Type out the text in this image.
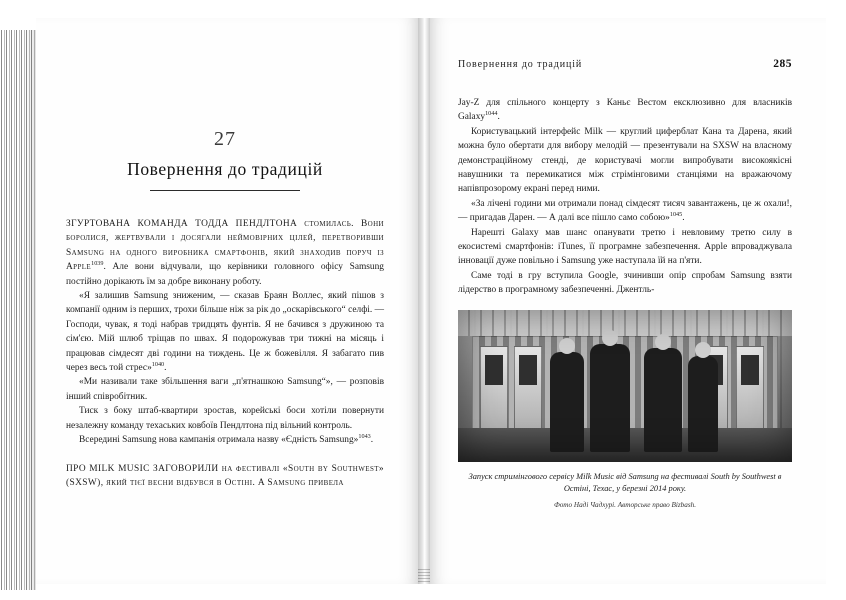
27
Повернення до традицій

ЗГУРТОВАНА КОМАНДА ТОДДА ПЕНДЛТОНА стомилась. Вони боролися, жертвували і досягали неймовірних цілей, перетворивши Samsung на одного виробника смартфонів, який знаходив поруч із Apple$^{1039}$. Але вони відчували, що керівники головного офісу Samsung постійно дорікають їм за добре виконану роботу.

«Я залишив Samsung зниженим, — сказав Браян Воллес, який пішов з компанії одним із перших, трохи більше ніж за рік до „оскарівського“ селфі. — Господи, чувак, я тоді набрав тридцять фунтів. Я не бачився з дружиною та сім'єю. Мій шлюб тріщав по швах. Я подорожував три тижні на місяць і працював сімдесят дві години на тиждень. Це ж божевілля. Я забагато пив через весь той стрес»$^{1040}$.

«Ми називали таке збільшення ваги „п'ятнашкою Samsung“», — розповів інший співробітник.

Тиск з боку штаб-квартири зростав, корейські боси хотіли повернути незалежну команду техаських ковбоїв Пендлтона під вільний контроль.

Всередині Samsung нова кампанія отримала назву «Єдність Samsung»$^{1043}$.

ПРО MILK MUSIC ЗАГОВОРИЛИ на фестивалі «South by Southwest» (SXSW), який тієї весни відбувся в Остіні. A Samsung привела

Повернення до традицій	285

Jay-Z для спільного концерту з Каньє Вестом ексклюзивно для власників Galaxy$^{1044}$.

Користувацький інтерфейс Milk — круглий циферблат Кана та Дарена, який можна було обертати для вибору мелодій — презентували на SXSW на власному демонстраційному стенді, де користувачі могли випробувати високоякісні навушники та перемикатися між стрімінговими станціями на вражаючому напівпрозорому екрані перед ними.

«За лічені години ми отримали понад сімдесят тисяч завантажень, це ж охали!, — пригадав Дарен. — А далі все пішло само собою»$^{1045}$.

Нарешті Galaxy мав шанс опанувати третю і невловиму третю силу в екосистемі смартфонів: iTunes, її програмне забезпечення. Apple впроваджувала інновації дуже повільно і Samsung уже наступала їй на п'яти.

Саме тоді в гру вступила Google, зчинивши опір спробам Samsung взяти лідерство в програмному забезпеченні. Джентль-

Запуск стримінгового сервісу Milk Music від Samsung на фестивалі South by Southwest в Остіні, Техас, у березні 2014 року.
Фото Наді Чадхурі. Авторське право Bizbash.
